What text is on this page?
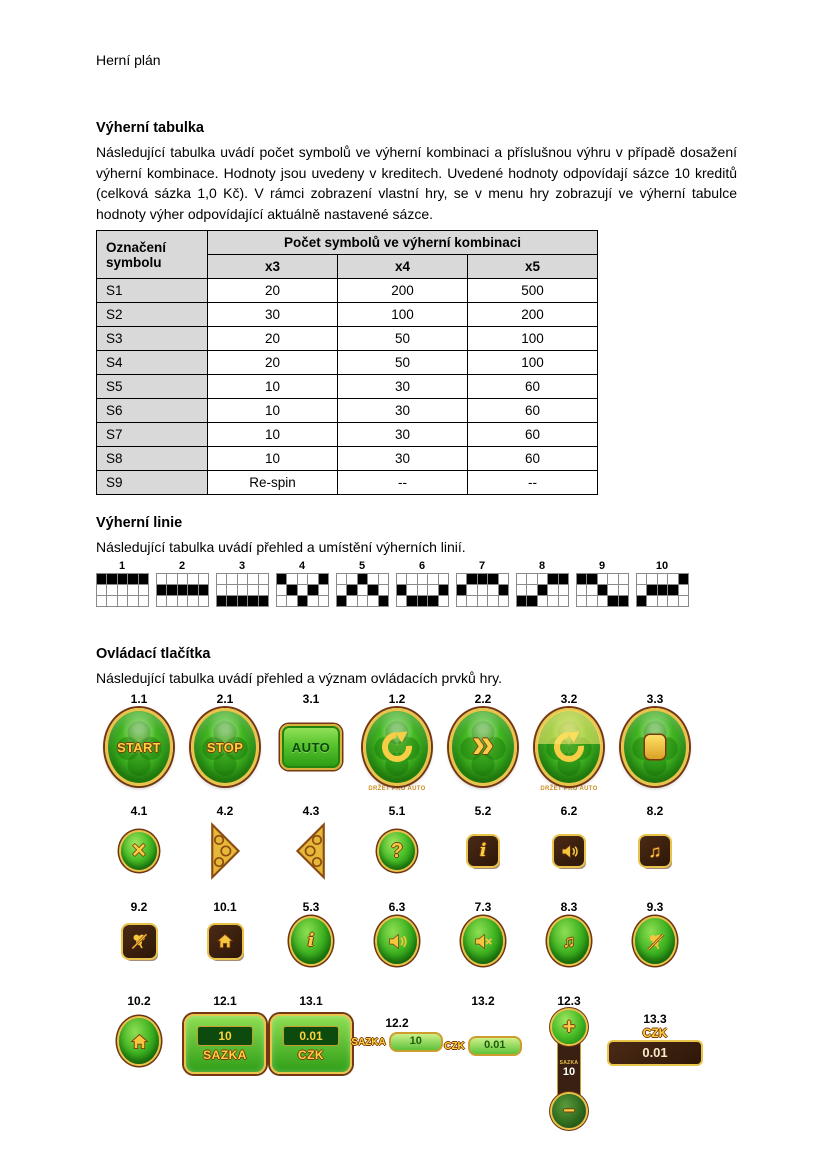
Herní plán
Výherní tabulka

Následující tabulka uvádí počet symbolů ve výherní kombinaci a příslušnou výhru v případě dosažení výherní kombinace. Hodnoty jsou uvedeny v kreditech. Uvedené hodnoty odpovídají sázce 10 kreditů (celková sázka 1,0 Kč). V rámci zobrazení vlastní hry, se v menu hry zobrazují ve výherní tabulce hodnoty výher odpovídající aktuálně nastavené sázce.

Označení symbolu	Počet symbolů ve výherní kombinaci		
	x3	x4	x5
S1	20	200	500
S2	30	100	200
S3	20	50	100
S4	20	50	100
S5	10	30	60
S6	10	30	60
S7	10	30	60
S8	10	30	60
S9	Re-spin	--	--
Výherní linie

Následující tabulka uvádí přehled a umístění výherních linií.

1	2	3	4	5	6	7	8	9	10
Ovládací tlačítka

Následující tabulka uvádí přehled a význam ovládacích prvků hry.

1.1
START
2.1
STOP
3.1
AUTO
1.2
DRŽET PRO AUTO
2.2
»
3.2
DRŽET PRO AUTO
3.3
4.1
×
4.2	4.3	5.1
?
5.2
i
6.2	8.2
♫
9.2	10.1	5.3
i
6.3	7.3	8.3
♫
9.3
10.2	12.1
10
SAZKA
13.1
0.01
CZK
12.2
SAZKA	10
13.2
CZK	0.01
12.3
SAZKA
10
+
−
13.3
CZK
0.01
